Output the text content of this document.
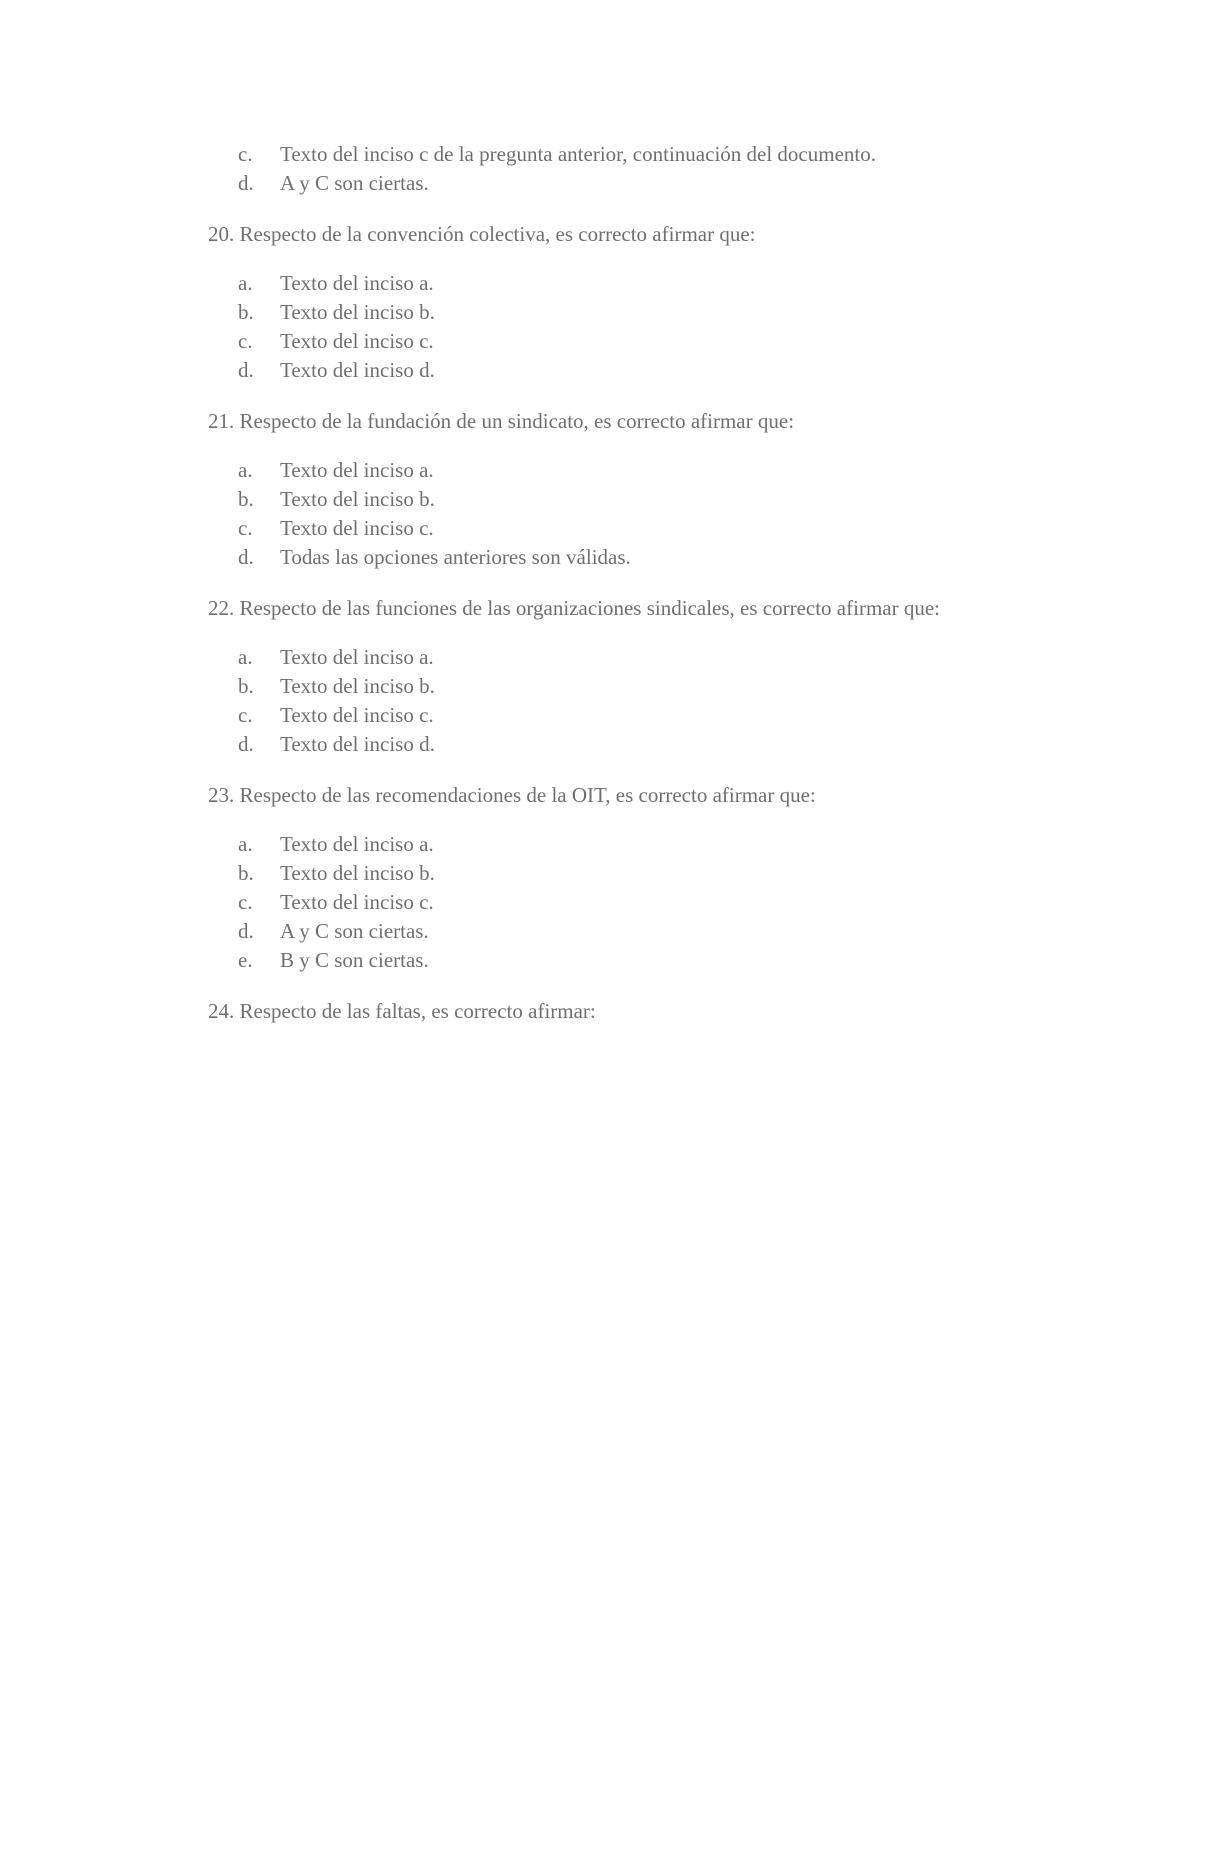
c.	Texto del inciso c de la pregunta anterior, continuación del documento.
d.	A y C son ciertas.

20. Respecto de la convención colectiva, es correcto afirmar que:

a.	Texto del inciso a.
b.	Texto del inciso b.
c.	Texto del inciso c.
d.	Texto del inciso d.

21. Respecto de la fundación de un sindicato, es correcto afirmar que:

a.	Texto del inciso a.
b.	Texto del inciso b.
c.	Texto del inciso c.
d.	Todas las opciones anteriores son válidas.

22. Respecto de las funciones de las organizaciones sindicales, es correcto afirmar que:

a.	Texto del inciso a.
b.	Texto del inciso b.
c.	Texto del inciso c.
d.	Texto del inciso d.

23. Respecto de las recomendaciones de la OIT, es correcto afirmar que:

a.	Texto del inciso a.
b.	Texto del inciso b.
c.	Texto del inciso c.
d.	A y C son ciertas.
e.	B y C son ciertas.

24. Respecto de las faltas, es correcto afirmar:
